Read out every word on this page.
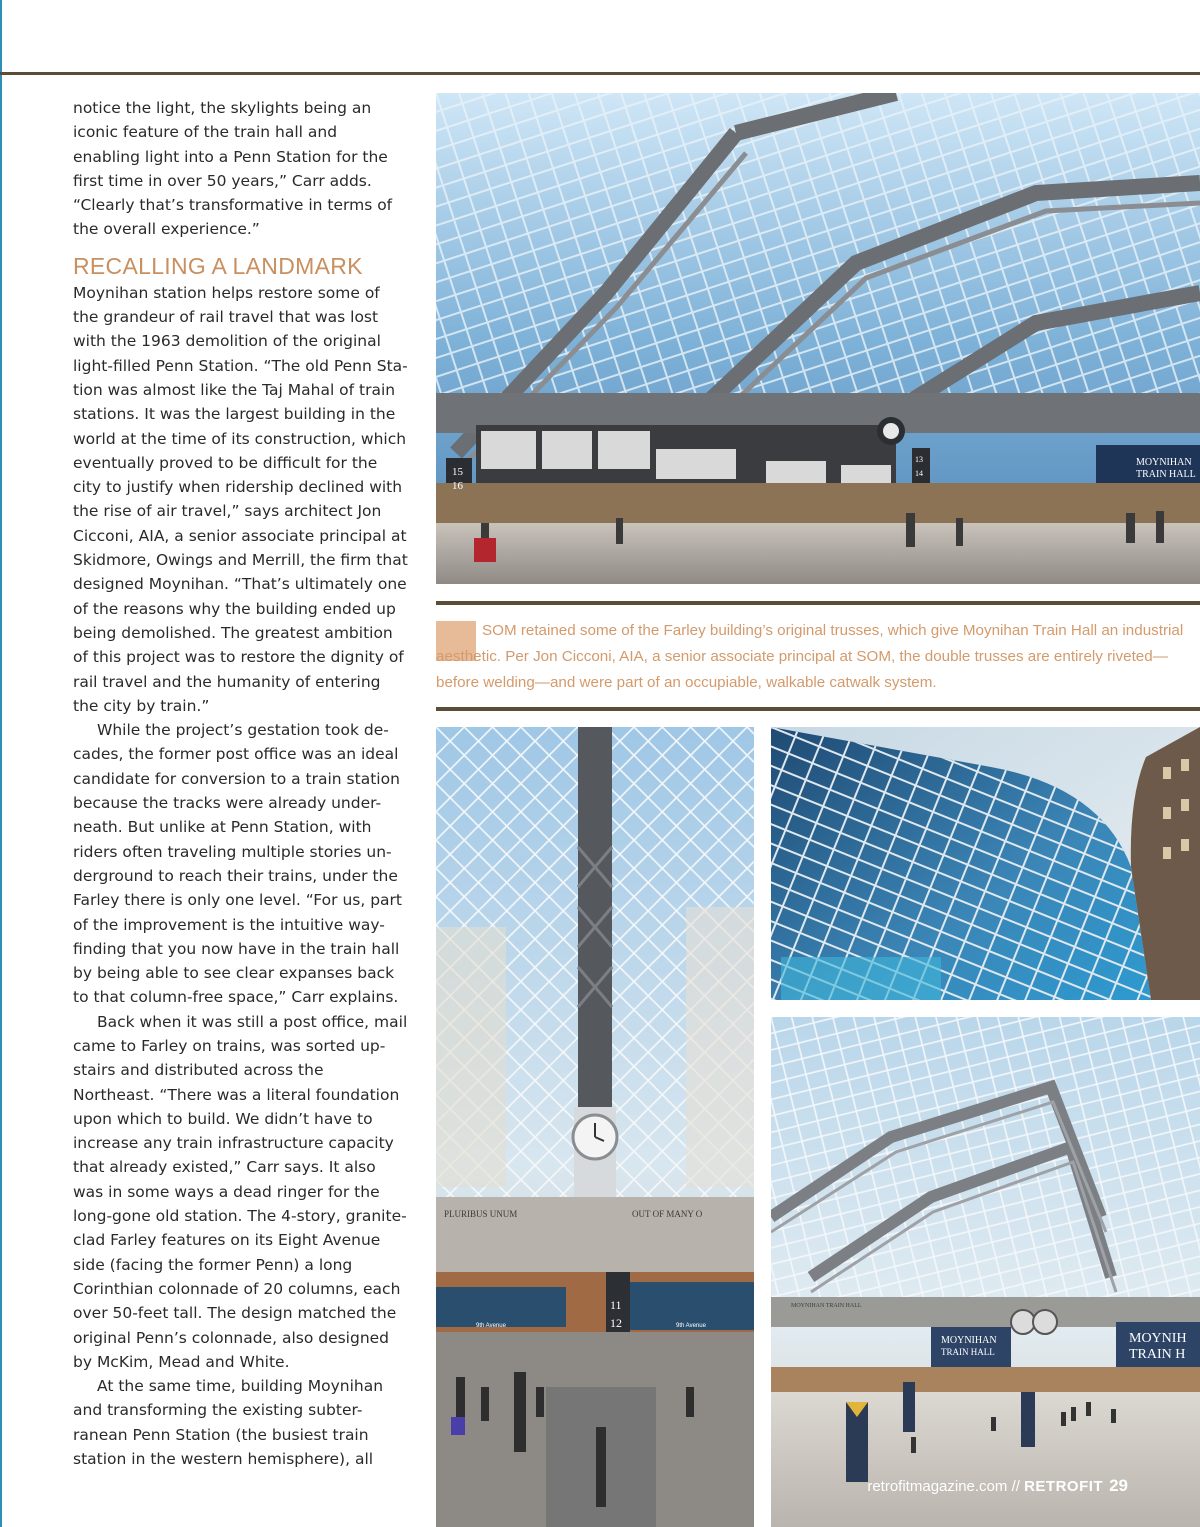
notice the light, the skylights being an iconic feature of the train hall and enabling light into a Penn Station for the first time in over 50 years,” Carr adds. “Clearly that’s transformative in terms of the overall experience.”

RECALLING A LANDMARK

Moynihan station helps restore some of the grandeur of rail travel that was lost with the 1963 demolition of the original light-filled Penn Station. “The old Penn Sta-tion was almost like the Taj Mahal of train stations. It was the largest building in the world at the time of its construction, which eventually proved to be difficult for the city to justify when ridership declined with the rise of air travel,” says architect Jon Cicconi, AIA, a senior associate principal at Skidmore, Owings and Merrill, the firm that designed Moynihan. “That’s ultimately one of the reasons why the building ended up being demolished. The greatest ambition of this project was to restore the dignity of rail travel and the humanity of entering the city by train.”

While the project’s gestation took de-cades, the former post office was an ideal candidate for conversion to a train station because the tracks were already under-neath. But unlike at Penn Station, with riders often traveling multiple stories un-derground to reach their trains, under the Farley there is only one level. “For us, part of the improvement is the intuitive way-finding that you now have in the train hall by being able to see clear expanses back to that column-free space,” Carr explains.

Back when it was still a post office, mail came to Farley on trains, was sorted up-stairs and distributed across the Northeast. “There was a literal foundation upon which to build. We didn’t have to increase any train infrastructure capacity that already existed,” Carr says. It also was in some ways a dead ringer for the long-gone old station. The 4-story, granite-clad Farley features on its Eight Avenue side (facing the former Penn) a long Corinthian colonnade of 20 columns, each over 50-feet tall. The design matched the original Penn’s colonnade, also designed by McKim, Mead and White.

At the same time, building Moynihan and transforming the existing subter-ranean Penn Station (the busiest train station in the western hemisphere), all

15
16
13
14
MOYNIHAN
TRAIN HALL
SOM retained some of the Farley building’s original trusses, which give Moynihan Train Hall an industrial aesthetic. Per Jon Cicconi, AIA, a senior associate principal at SOM, the double trusses are entirely riveted—before welding—and were part of an occupiable, walkable catwalk system.
PLURIBUS UNUM	OUT OF MANY O
11
12
9th Avenue	9th Avenue
MOYNIHAN
TRAIN HALL
MOYNIH
TRAIN H
MOYNIHAN TRAIN HALL
retrofitmagazine.com // RETROFIT 29
